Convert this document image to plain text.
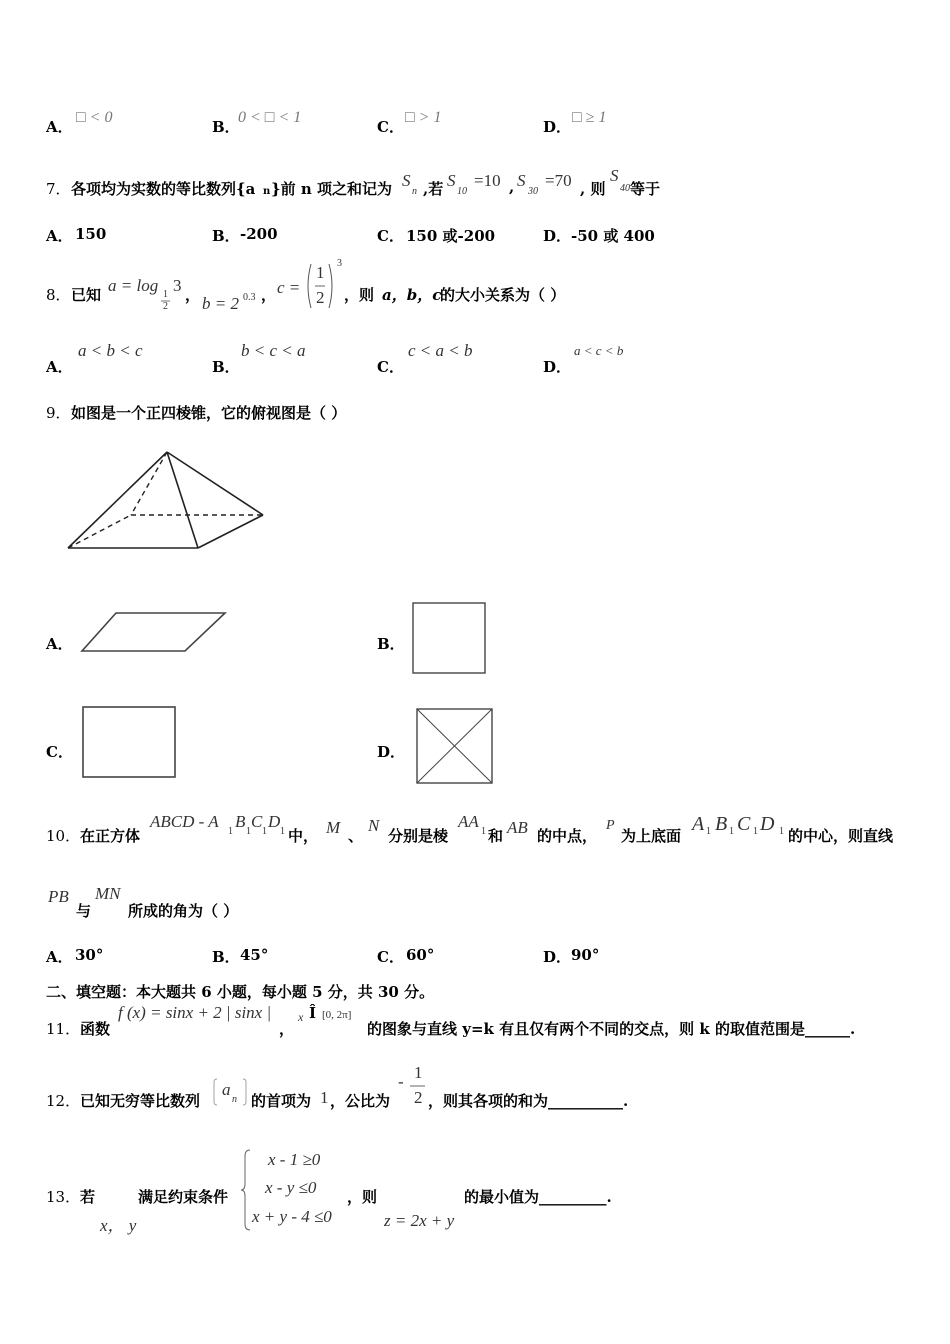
A．
□ < 0
B．
0 < □ < 1
C．
□ > 1
D．
□ ≥ 1
7． 各项均为实数的等比数列{a n }前 n 项之和记为 S
n ,若 S
10
=10 , S
30
=70 , 则
S
40 等于
A． 150	B． -200	C． 150 或-200	D． -50 或 400
8． 已知 a = log 1
2
3 ， b = 2 0.3 ， c =
1
2
3
，则 a，b，c
的大小关系为（ ）
A．
a < b < c
B．
b < c < a
C．
c < a < b
D．
a < c < b
9． 如图是一个正四棱锥，它的俯视图是（ ）
A．	B．
C．	D．
10． 在正方体
ABCD - A
1
B
1
C
1
D
1 中， M 、
N
分别是棱
AA
1 和 AB 的中点，
P
为上底面
A 1 B 1 C 1 D 1 的中心，则直线
PB
与
MN
所成的角为（ ）
A． 30°	B． 45°	C． 60°	D． 90°
二、填空题：本大题共 6 小题，每小题 5 分，共 30 分。
11． 函数
f (x) = sinx + 2 | sinx |
，
x Î [0, 2π]
的图象与直线 y=k 有且仅有两个不同的交点，则 k 的取值范围是______.
12． 已知无穷等比数列
a
n 的首项为 1 ，公比为
- 1
2 ，则其各项的和为__________.
13． 若
x， y
满足约束条件
x - 1 ≥0
x - y ≤0
x + y - 4 ≤0
，则
z = 2x + y
的最小值为_________.
